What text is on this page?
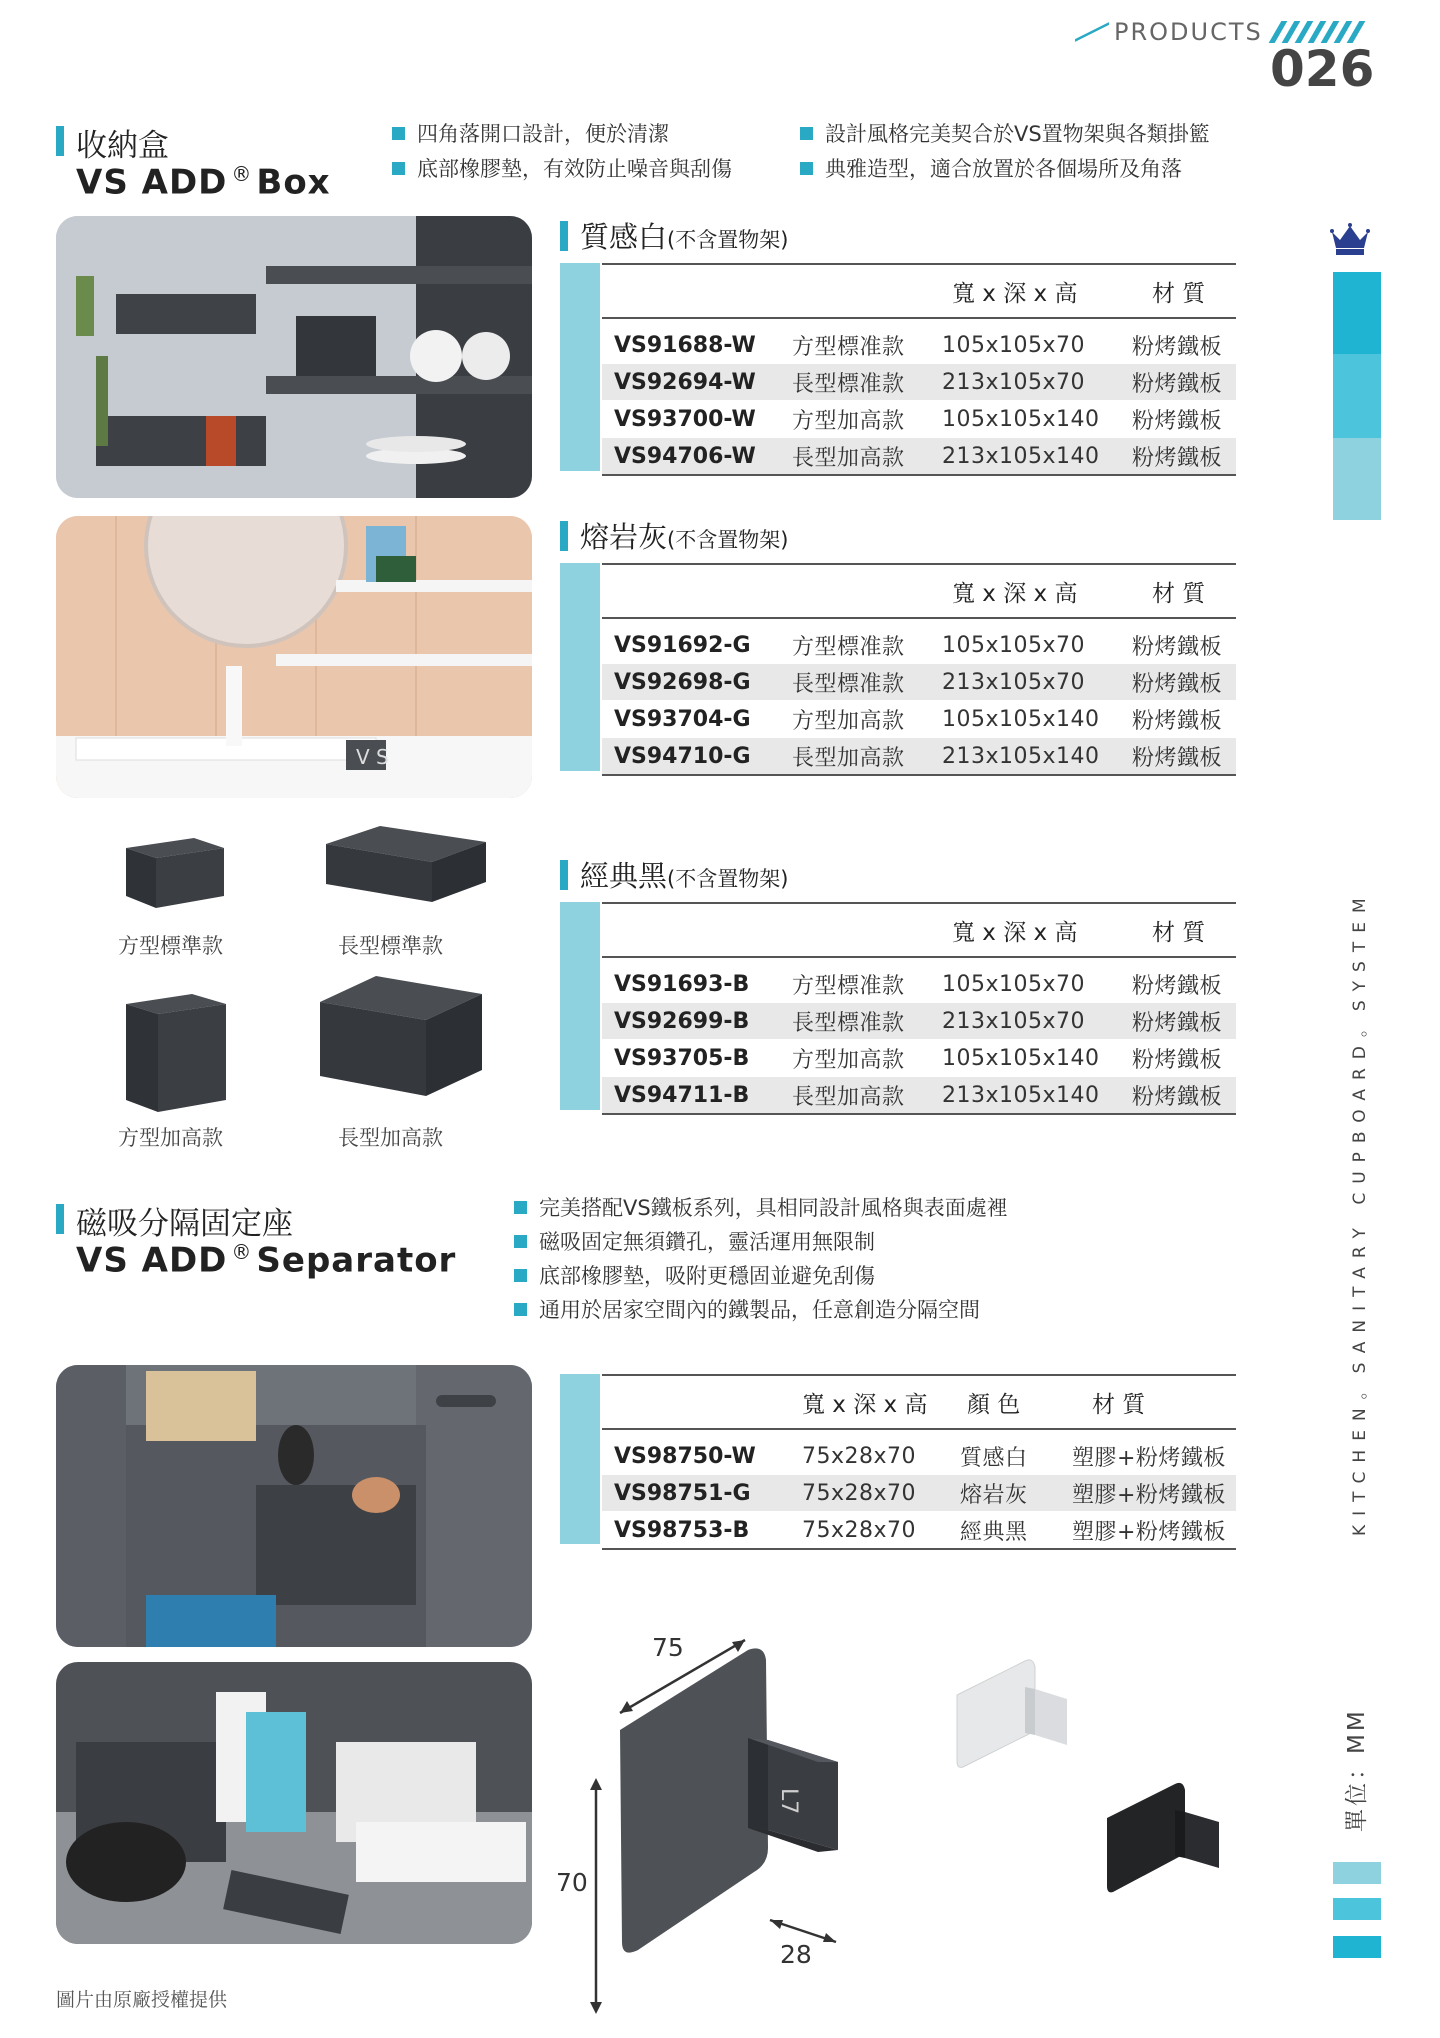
PRODUCTS
026
收納盒
VS ADD ® Box
四角落開口設計，便於清潔	設計風格完美契合於VS置物架與各類掛籃
底部橡膠墊，有效防止噪音與刮傷	典雅造型，適合放置於各個場所及角落
V S
方型標準款	長型標準款
方型加高款	長型加高款
質感白(不含置物架)
寬 x 深 x 高	材 質
VS91688-W 方型標准款 105x105x70 粉烤鐵板
VS92694-W 長型標准款 213x105x70 粉烤鐵板
VS93700-W 方型加高款 105x105x140 粉烤鐵板
VS94706-W 長型加高款 213x105x140 粉烤鐵板
熔岩灰(不含置物架)
寬 x 深 x 高	材 質
VS91692-G 方型標准款 105x105x70 粉烤鐵板
VS92698-G 長型標准款 213x105x70 粉烤鐵板
VS93704-G 方型加高款 105x105x140 粉烤鐵板
VS94710-G 長型加高款 213x105x140 粉烤鐵板
經典黑(不含置物架)
寬 x 深 x 高	材 質
VS91693-B 方型標准款 105x105x70 粉烤鐵板
VS92699-B 長型標准款 213x105x70 粉烤鐵板
VS93705-B 方型加高款 105x105x140 粉烤鐵板
VS94711-B 長型加高款 213x105x140 粉烤鐵板
磁吸分隔固定座
VS ADD ® Separator
完美搭配VS鐵板系列，具相同設計風格與表面處裡
磁吸固定無須鑽孔，靈活運用無限制
底部橡膠墊，吸附更穩固並避免刮傷
通用於居家空間內的鐵製品，任意創造分隔空間
寬 x 深 x 高 顏 色	材 質
VS98750-W 75x28x70 質感白 塑膠+粉烤鐵板
VS98751-G 75x28x70 熔岩灰 塑膠+粉烤鐵板
VS98753-B 75x28x70 經典黑 塑膠+粉烤鐵板
L7
75
70
28
KITCHEN。SANITARY CUPBOARD。SYSTEM
單位：MM
圖片由原廠授權提供
